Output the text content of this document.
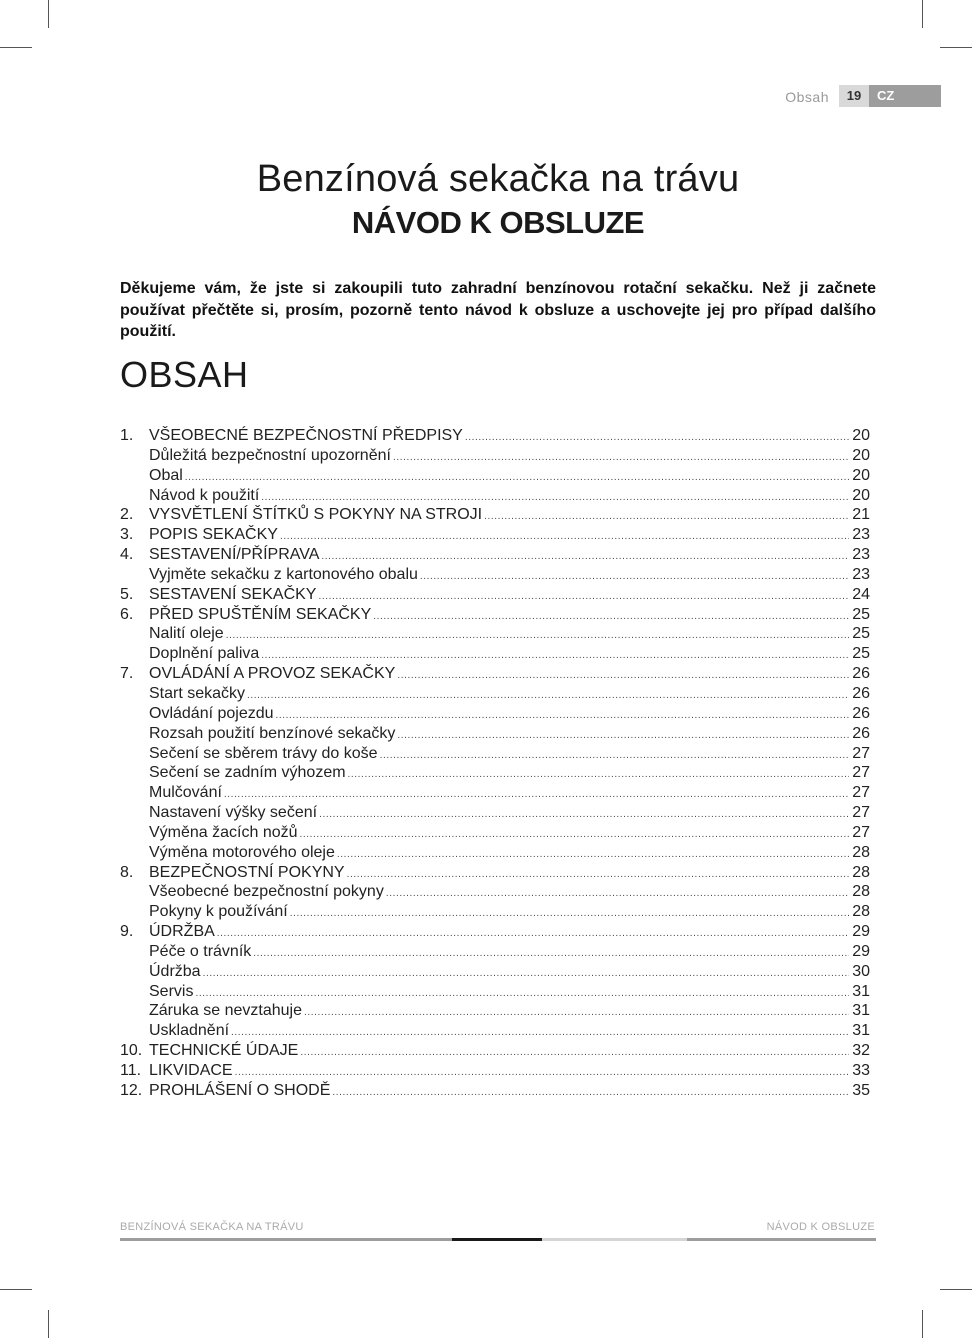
Obsah	19	CZ
Benzínová sekačka na trávu
NÁVOD K OBSLUZE

Děkujeme vám, že jste si zakoupili tuto zahradní benzínovou rotační sekačku. Než ji začnete používat přečtěte si, prosím, pozorně tento návod k obsluze a uschovejte jej pro případ dalšího použití.

OBSAH
1. VŠEOBECNÉ BEZPEČNOSTNÍ PŘEDPISY .....	20
Důležitá bezpečnostní upozornění .....	20
Obal .....	20
Návod k použití .....	20
2. VYSVĚTLENÍ ŠTÍTKŮ S POKYNY NA STROJI .....	21
3. POPIS SEKAČKY .....	23
4. SESTAVENÍ/PŘÍPRAVA .....	23
Vyjměte sekačku z kartonového obalu .....	23
5. SESTAVENÍ SEKAČKY .....	24
6. PŘED SPUŠTĚNÍM SEKAČKY .....	25
Nalití oleje .....	25
Doplnění paliva .....	25
7. OVLÁDÁNÍ A PROVOZ SEKAČKY .....	26
Start sekačky .....	26
Ovládání pojezdu .....	26
Rozsah použití benzínové sekačky .....	26
Sečení se sběrem trávy do koše .....	27
Sečení se zadním výhozem .....	27
Mulčování .....	27
Nastavení výšky sečení .....	27
Výměna žacích nožů .....	27
Výměna motorového oleje .....	28
8. BEZPEČNOSTNÍ POKYNY .....	28
Všeobecné bezpečnostní pokyny .....	28
Pokyny k používání .....	28
9. ÚDRŽBA .....	29
Péče o trávník .....	29
Údržba .....	30
Servis .....	31
Záruka se nevztahuje .....	31
Uskladnění .....	31
10. TECHNICKÉ ÚDAJE .....	32
11. LIKVIDACE .....	33
12. PROHLÁŠENÍ O SHODĚ .....	35
BENZÍNOVÁ SEKAČKA NA TRÁVU	NÁVOD K OBSLUZE
